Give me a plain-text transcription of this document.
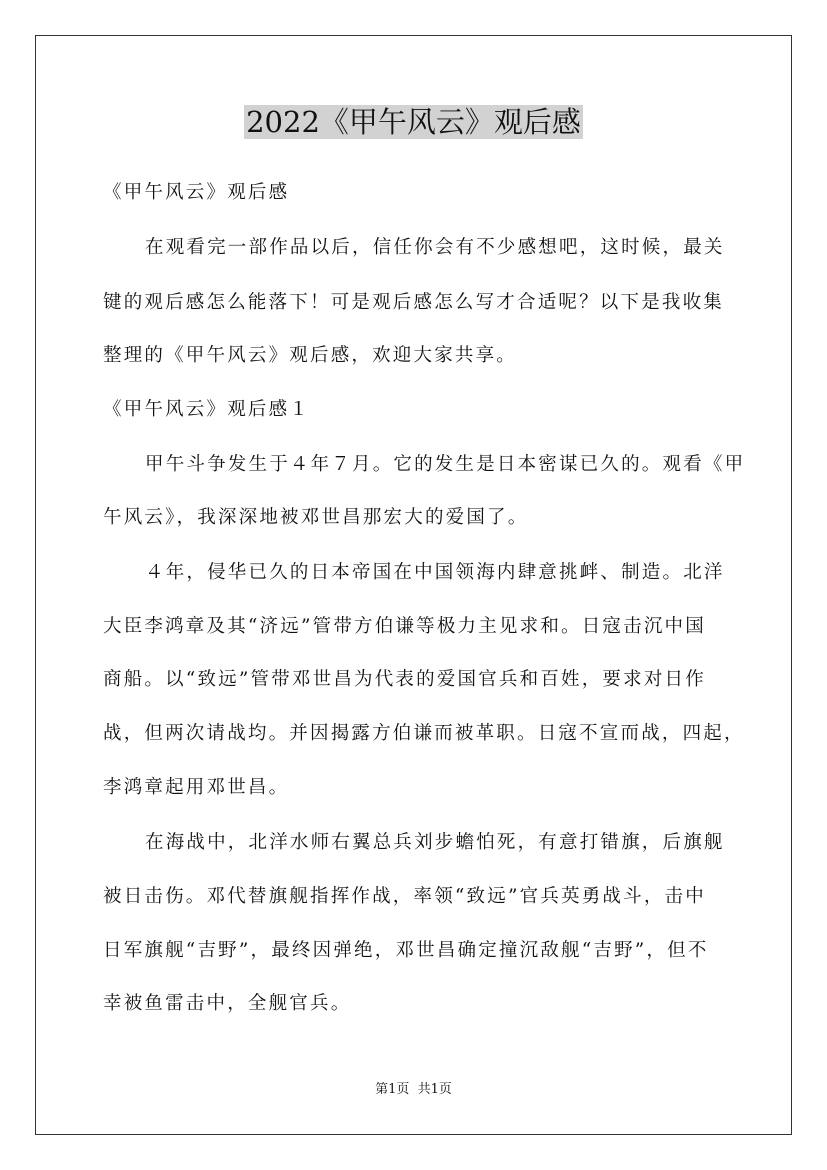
2022《甲午风云》观后感
《甲午风云》观后感
在观看完一部作品以后，信任你会有不少感想吧，这时候，最关
键的观后感怎么能落下！可是观后感怎么写才合适呢？以下是我收集
整理的《甲午风云》观后感，欢迎大家共享。
《甲午风云》观后感１
甲午斗争发生于４年７月。它的发生是日本密谋已久的。观看《甲
午风云》，我深深地被邓世昌那宏大的爱国了。
４年，侵华已久的日本帝国在中国领海内肆意挑衅、制造。北洋
大臣李鸿章及其“济远”管带方伯谦等极力主见求和。日寇击沉中国
商船。以“致远”管带邓世昌为代表的爱国官兵和百姓，要求对日作
战，但两次请战均。并因揭露方伯谦而被革职。日寇不宣而战，四起，
李鸿章起用邓世昌。
在海战中，北洋水师右翼总兵刘步蟾怕死，有意打错旗，后旗舰
被日击伤。邓代替旗舰指挥作战，率领“致远”官兵英勇战斗，击中
日军旗舰“吉野”，最终因弹绝，邓世昌确定撞沉敌舰“吉野”，但不
幸被鱼雷击中，全舰官兵。
第1页  共1页
